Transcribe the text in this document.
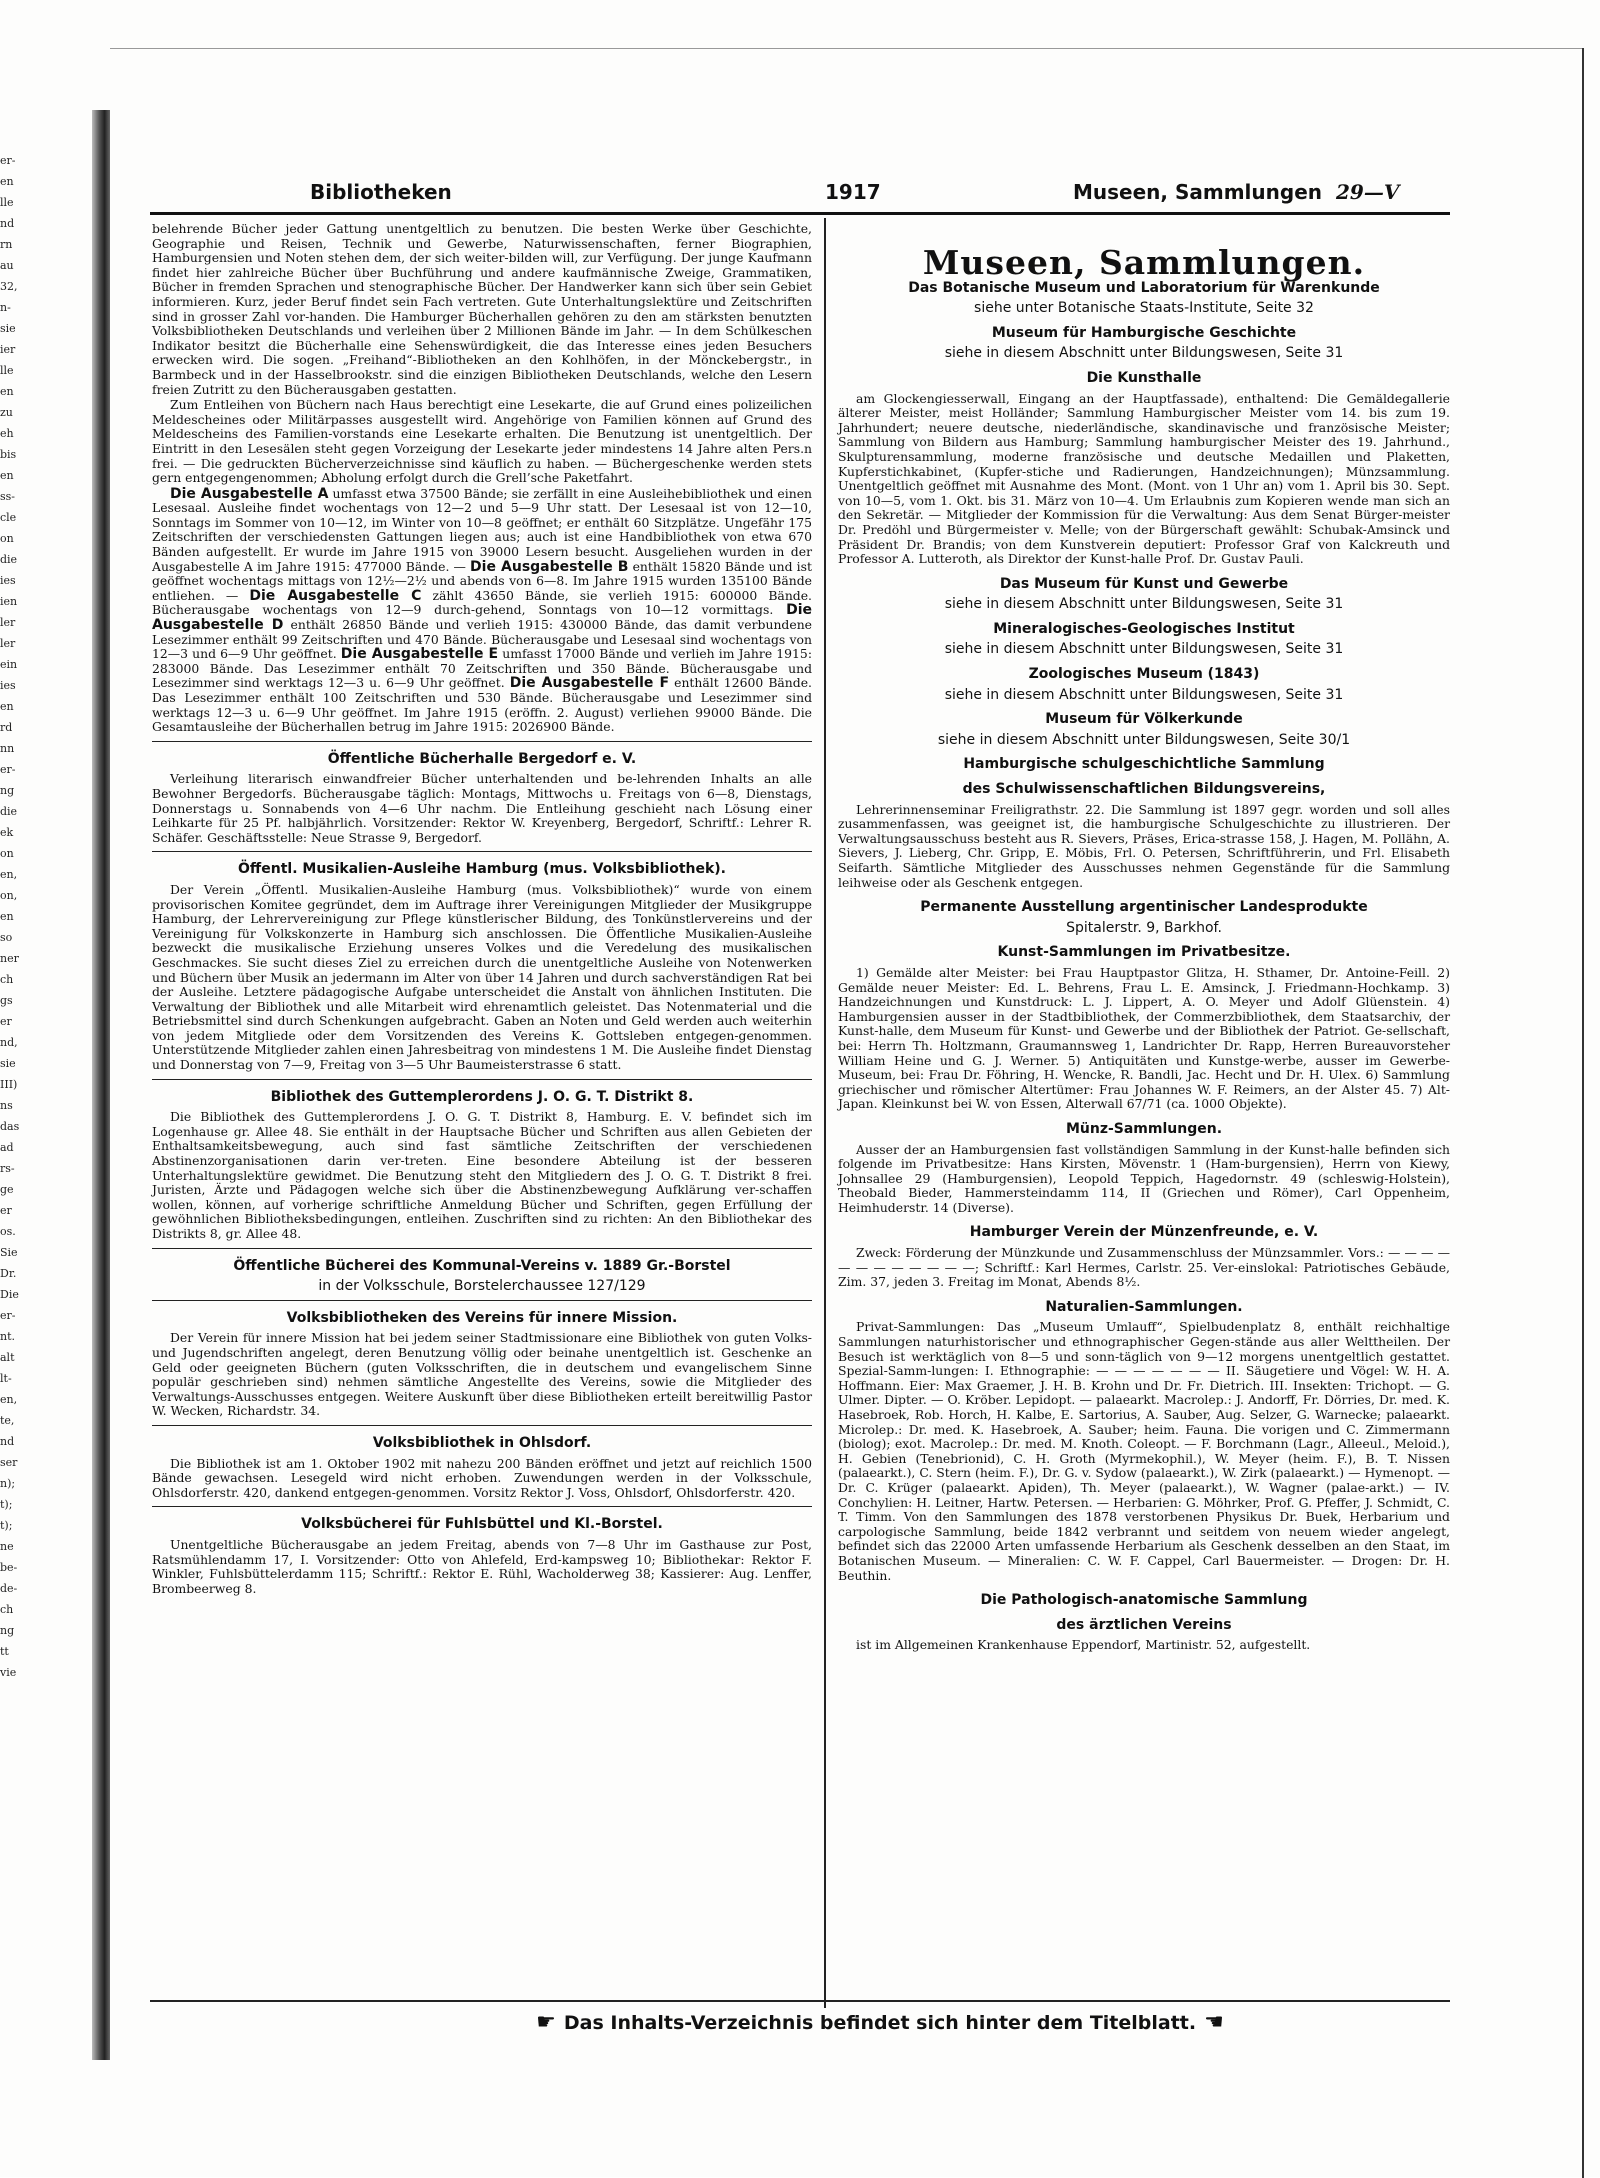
er-
en
lle
nd
rn
au
32,
n-
sie
ier
lle
en
zu
eh
bis
en
ss-
cle
on
die
ies
ien
ler
ler
ein
ies
en
rd
nn
er-
ng
die
ek
on
en,
on,
en
so
ner
ch
gs
er
nd,
sie
III)
ns
das
ad
rs-
ge
er
os.
Sie
Dr.
Die
er-
nt.
alt
lt-
en,
te,
nd
ser
n);
t);
t);
ne
be-
de-
ch
ng
tt
vie
Bibliotheken	1917	Museen, Sammlungen 29—V

belehrende Bücher jeder Gattung unentgeltlich zu benutzen. Die besten Werke über Geschichte, Geographie und Reisen, Technik und Gewerbe, Naturwissenschaften, ferner Biographien, Hamburgensien und Noten stehen dem, der sich weiter-bilden will, zur Verfügung. Der junge Kaufmann findet hier zahlreiche Bücher über Buchführung und andere kaufmännische Zweige, Grammatiken, Bücher in fremden Sprachen und stenographische Bücher. Der Handwerker kann sich über sein Gebiet informieren. Kurz, jeder Beruf findet sein Fach vertreten. Gute Unterhaltungslektüre und Zeitschriften sind in grosser Zahl vor-handen. Die Hamburger Bücherhallen gehören zu den am stärksten benutzten Volksbibliotheken Deutschlands und verleihen über 2 Millionen Bände im Jahr. — In dem Schülkeschen Indikator besitzt die Bücherhalle eine Sehenswürdigkeit, die das Interesse eines jeden Besuchers erwecken wird. Die sogen. „Freihand“-Bibliotheken an den Kohlhöfen, in der Mönckebergstr., in Barmbeck und in der Hasselbrookstr. sind die einzigen Bibliotheken Deutschlands, welche den Lesern freien Zutritt zu den Bücherausgaben gestatten.

Zum Entleihen von Büchern nach Haus berechtigt eine Lesekarte, die auf Grund eines polizeilichen Meldescheines oder Militärpasses ausgestellt wird. Angehörige von Familien können auf Grund des Meldescheins des Familien-vorstands eine Lesekarte erhalten. Die Benutzung ist unentgeltlich. Der Eintritt in den Lesesälen steht gegen Vorzeigung der Lesekarte jeder mindestens 14 Jahre alten Pers.n frei. — Die gedruckten Bücherverzeichnisse sind käuflich zu haben. — Büchergeschenke werden stets gern entgegengenommen; Abholung erfolgt durch die Grell’sche Paketfahrt.

Die Ausgabestelle A umfasst etwa 37500 Bände; sie zerfällt in eine Ausleihebibliothek und einen Lesesaal. Ausleihe findet wochentags von 12—2 und 5—9 Uhr statt. Der Lesesaal ist von 12—10, Sonntags im Sommer von 10—12, im Winter von 10—8 geöffnet; er enthält 60 Sitzplätze. Ungefähr 175 Zeitschriften der verschiedensten Gattungen liegen aus; auch ist eine Handbibliothek von etwa 670 Bänden aufgestellt. Er wurde im Jahre 1915 von 39000 Lesern besucht. Ausgeliehen wurden in der Ausgabestelle A im Jahre 1915: 477000 Bände. — Die Ausgabestelle B enthält 15820 Bände und ist geöffnet wochentags mittags von 12½—2½ und abends von 6—8. Im Jahre 1915 wurden 135100 Bände entliehen. — Die Ausgabestelle C zählt 43650 Bände, sie verlieh 1915: 600000 Bände. Bücherausgabe wochentags von 12—9 durch-gehend, Sonntags von 10—12 vormittags. Die Ausgabestelle D enthält 26850 Bände und verlieh 1915: 430000 Bände, das damit verbundene Lesezimmer enthält 99 Zeitschriften und 470 Bände. Bücherausgabe und Lesesaal sind wochentags von 12—3 und 6—9 Uhr geöffnet. Die Ausgabestelle E umfasst 17000 Bände und verlieh im Jahre 1915: 283000 Bände. Das Lesezimmer enthält 70 Zeitschriften und 350 Bände. Bücherausgabe und Lesezimmer sind werktags 12—3 u. 6—9 Uhr geöffnet. Die Ausgabestelle F enthält 12600 Bände. Das Lesezimmer enthält 100 Zeitschriften und 530 Bände. Bücherausgabe und Lesezimmer sind werktags 12—3 u. 6—9 Uhr geöffnet. Im Jahre 1915 (eröffn. 2. August) verliehen 99000 Bände. Die Gesamtausleihe der Bücherhallen betrug im Jahre 1915: 2026900 Bände.

Öffentliche Bücherhalle Bergedorf e. V.

Verleihung literarisch einwandfreier Bücher unterhaltenden und be-lehrenden Inhalts an alle Bewohner Bergedorfs. Bücherausgabe täglich: Montags, Mittwochs u. Freitags von 6—8, Dienstags, Donnerstags u. Sonnabends von 4—6 Uhr nachm. Die Entleihung geschieht nach Lösung einer Leihkarte für 25 Pf. halbjährlich. Vorsitzender: Rektor W. Kreyenberg, Bergedorf, Schriftf.: Lehrer R. Schäfer. Geschäftsstelle: Neue Strasse 9, Bergedorf.

Öffentl. Musikalien-Ausleihe Hamburg (mus. Volksbibliothek).

Der Verein „Öffentl. Musikalien-Ausleihe Hamburg (mus. Volksbibliothek)“ wurde von einem provisorischen Komitee gegründet, dem im Auftrage ihrer Vereinigungen Mitglieder der Musikgruppe Hamburg, der Lehrervereinigung zur Pflege künstlerischer Bildung, des Tonkünstlervereins und der Vereinigung für Volkskonzerte in Hamburg sich anschlossen. Die Öffentliche Musikalien-Ausleihe bezweckt die musikalische Erziehung unseres Volkes und die Veredelung des musikalischen Geschmackes. Sie sucht dieses Ziel zu erreichen durch die unentgeltliche Ausleihe von Notenwerken und Büchern über Musik an jedermann im Alter von über 14 Jahren und durch sachverständigen Rat bei der Ausleihe. Letztere pädagogische Aufgabe unterscheidet die Anstalt von ähnlichen Instituten. Die Verwaltung der Bibliothek und alle Mitarbeit wird ehrenamtlich geleistet. Das Notenmaterial und die Betriebsmittel sind durch Schenkungen aufgebracht. Gaben an Noten und Geld werden auch weiterhin von jedem Mitgliede oder dem Vorsitzenden des Vereins K. Gottsleben entgegen-genommen. Unterstützende Mitglieder zahlen einen Jahresbeitrag von mindestens 1 M. Die Ausleihe findet Dienstag und Donnerstag von 7—9, Freitag von 3—5 Uhr Baumeisterstrasse 6 statt.

Bibliothek des Guttemplerordens J. O. G. T. Distrikt 8.

Die Bibliothek des Guttemplerordens J. O. G. T. Distrikt 8, Hamburg. E. V. befindet sich im Logenhause gr. Allee 48. Sie enthält in der Hauptsache Bücher und Schriften aus allen Gebieten der Enthaltsamkeitsbewegung, auch sind fast sämtliche Zeitschriften der verschiedenen Abstinenzorganisationen darin ver-treten. Eine besondere Abteilung ist der besseren Unterhaltungslektüre gewidmet. Die Benutzung steht den Mitgliedern des J. O. G. T. Distrikt 8 frei. Juristen, Ärzte und Pädagogen welche sich über die Abstinenzbewegung Aufklärung ver-schaffen wollen, können, auf vorherige schriftliche Anmeldung Bücher und Schriften, gegen Erfüllung der gewöhnlichen Bibliotheksbedingungen, entleihen. Zuschriften sind zu richten: An den Bibliothekar des Distrikts 8, gr. Allee 48.

Öffentliche Bücherei des Kommunal-Vereins v. 1889 Gr.-Borstel
in der Volksschule, Borstelerchaussee 127/129
Volksbibliotheken des Vereins für innere Mission.

Der Verein für innere Mission hat bei jedem seiner Stadtmissionare eine Bibliothek von guten Volks- und Jugendschriften angelegt, deren Benutzung völlig oder beinahe unentgeltlich ist. Geschenke an Geld oder geeigneten Büchern (guten Volksschriften, die in deutschem und evangelischem Sinne populär geschrieben sind) nehmen sämtliche Angestellte des Vereins, sowie die Mitglieder des Verwaltungs-Ausschusses entgegen. Weitere Auskunft über diese Bibliotheken erteilt bereitwillig Pastor W. Wecken, Richardstr. 34.

Volksbibliothek in Ohlsdorf.

Die Bibliothek ist am 1. Oktober 1902 mit nahezu 200 Bänden eröffnet und jetzt auf reichlich 1500 Bände gewachsen. Lesegeld wird nicht erhoben. Zuwendungen werden in der Volksschule, Ohlsdorferstr. 420, dankend entgegen-genommen. Vorsitz Rektor J. Voss, Ohlsdorf, Ohlsdorferstr. 420.

Volksbücherei für Fuhlsbüttel und Kl.-Borstel.

Unentgeltliche Bücherausgabe an jedem Freitag, abends von 7—8 Uhr im Gasthause zur Post, Ratsmühlendamm 17, I. Vorsitzender: Otto von Ahlefeld, Erd-kampsweg 10; Bibliothekar: Rektor F. Winkler, Fuhlsbüttelerdamm 115; Schriftf.: Rektor E. Rühl, Wacholderweg 38; Kassierer: Aug. Lenffer, Brombeerweg 8.

Museen, Sammlungen.
Das Botanische Museum und Laboratorium für Warenkunde
siehe unter Botanische Staats-Institute, Seite 32
Museum für Hamburgische Geschichte
siehe in diesem Abschnitt unter Bildungswesen, Seite 31
Die Kunsthalle

am Glockengiesserwall, Eingang an der Hauptfassade), enthaltend: Die Gemäldegallerie älterer Meister, meist Holländer; Sammlung Hamburgischer Meister vom 14. bis zum 19. Jahrhundert; neuere deutsche, niederländische, skandinavische und französische Meister; Sammlung von Bildern aus Hamburg; Sammlung hamburgischer Meister des 19. Jahrhund., Skulpturensammlung, moderne französische und deutsche Medaillen und Plaketten, Kupferstichkabinet, (Kupfer-stiche und Radierungen, Handzeichnungen); Münzsammlung. Unentgeltlich geöffnet mit Ausnahme des Mont. (Mont. von 1 Uhr an) vom 1. April bis 30. Sept. von 10—5, vom 1. Okt. bis 31. März von 10—4. Um Erlaubnis zum Kopieren wende man sich an den Sekretär. — Mitglieder der Kommission für die Verwaltung: Aus dem Senat Bürger-meister Dr. Predöhl und Bürgermeister v. Melle; von der Bürgerschaft gewählt: Schubak-Amsinck und Präsident Dr. Brandis; von dem Kunstverein deputiert: Professor Graf von Kalckreuth und Professor A. Lutteroth, als Direktor der Kunst-halle Prof. Dr. Gustav Pauli.

Das Museum für Kunst und Gewerbe
siehe in diesem Abschnitt unter Bildungswesen, Seite 31
Mineralogisches-Geologisches Institut
siehe in diesem Abschnitt unter Bildungswesen, Seite 31
Zoologisches Museum (1843)
siehe in diesem Abschnitt unter Bildungswesen, Seite 31
Museum für Völkerkunde
siehe in diesem Abschnitt unter Bildungswesen, Seite 30/1
Hamburgische schulgeschichtliche Sammlung
des Schulwissenschaftlichen Bildungsvereins,

Lehrerinnenseminar Freiligrathstr. 22. Die Sammlung ist 1897 gegr. worden und soll alles zusammenfassen, was geeignet ist, die hamburgische Schulgeschichte zu illustrieren. Der Verwaltungsausschuss besteht aus R. Sievers, Präses, Erica-strasse 158, J. Hagen, M. Pollähn, A. Sievers, J. Lieberg, Chr. Gripp, E. Möbis, Frl. O. Petersen, Schriftführerin, und Frl. Elisabeth Seifarth. Sämtliche Mitglieder des Ausschusses nehmen Gegenstände für die Sammlung leihweise oder als Geschenk entgegen.

Permanente Ausstellung argentinischer Landesprodukte
Spitalerstr. 9, Barkhof.
Kunst-Sammlungen im Privatbesitze.

1) Gemälde alter Meister: bei Frau Hauptpastor Glitza, H. Sthamer, Dr. Antoine-Feill. 2) Gemälde neuer Meister: Ed. L. Behrens, Frau L. E. Amsinck, J. Friedmann-Hochkamp. 3) Handzeichnungen und Kunstdruck: L. J. Lippert, A. O. Meyer und Adolf Glüenstein. 4) Hamburgensien ausser in der Stadtbibliothek, der Commerzbibliothek, dem Staatsarchiv, der Kunst-halle, dem Museum für Kunst- und Gewerbe und der Bibliothek der Patriot. Ge-sellschaft, bei: Herrn Th. Holtzmann, Graumannsweg 1, Landrichter Dr. Rapp, Herren Bureauvorsteher William Heine und G. J. Werner. 5) Antiquitäten und Kunstge-werbe, ausser im Gewerbe-Museum, bei: Frau Dr. Föhring, H. Wencke, R. Bandli, Jac. Hecht und Dr. H. Ulex. 6) Sammlung griechischer und römischer Altertümer: Frau Johannes W. F. Reimers, an der Alster 45. 7) Alt-Japan. Kleinkunst bei W. von Essen, Alterwall 67/71 (ca. 1000 Objekte).

Münz-Sammlungen.

Ausser der an Hamburgensien fast vollständigen Sammlung in der Kunst-halle befinden sich folgende im Privatbesitze: Hans Kirsten, Mövenstr. 1 (Ham-burgensien), Herrn von Kiewy, Johnsallee 29 (Hamburgensien), Leopold Teppich, Hagedornstr. 49 (schleswig-Holstein), Theobald Bieder, Hammersteindamm 114, II (Griechen und Römer), Carl Oppenheim, Heimhuderstr. 14 (Diverse).

Hamburger Verein der Münzenfreunde, e. V.

Zweck: Förderung der Münzkunde und Zusammenschluss der Münzsammler. Vors.: — — — — — — — — — — — —; Schriftf.: Karl Hermes, Carlstr. 25. Ver-einslokal: Patriotisches Gebäude, Zim. 37, jeden 3. Freitag im Monat, Abends 8½.

Naturalien-Sammlungen.

Privat-Sammlungen: Das „Museum Umlauff“, Spielbudenplatz 8, enthält reichhaltige Sammlungen naturhistorischer und ethnographischer Gegen-stände aus aller Welttheilen. Der Besuch ist werktäglich von 8—5 und sonn-täglich von 9—12 morgens unentgeltlich gestattet. Spezial-Samm-lungen: I. Ethnographie: — — — — — — — II. Säugetiere und Vögel: W. H. A. Hoffmann. Eier: Max Graemer, J. H. B. Krohn und Dr. Fr. Dietrich. III. Insekten: Trichopt. — G. Ulmer. Dipter. — O. Kröber. Lepidopt. — palaearkt. Macrolep.: J. Andorff, Fr. Dörries, Dr. med. K. Hasebroek, Rob. Horch, H. Kalbe, E. Sartorius, A. Sauber, Aug. Selzer, G. Warnecke; palaearkt. Microlep.: Dr. med. K. Hasebroek, A. Sauber; heim. Fauna. Die vorigen und C. Zimmermann (biolog); exot. Macrolep.: Dr. med. M. Knoth. Coleopt. — F. Borchmann (Lagr., Alleeul., Meloid.), H. Gebien (Tenebrionid), C. H. Groth (Myrmekophil.), W. Meyer (heim. F.), B. T. Nissen (palaearkt.), C. Stern (heim. F.), Dr. G. v. Sydow (palaearkt.), W. Zirk (palaearkt.) — Hymenopt. — Dr. C. Krüger (palaearkt. Apiden), Th. Meyer (palaearkt.), W. Wagner (palae-arkt.) — IV. Conchylien: H. Leitner, Hartw. Petersen. — Herbarien: G. Möhrker, Prof. G. Pfeffer, J. Schmidt, C. T. Timm. Von den Sammlungen des 1878 verstorbenen Physikus Dr. Buek, Herbarium und carpologische Sammlung, beide 1842 verbrannt und seitdem von neuem wieder angelegt, befindet sich das 22000 Arten umfassende Herbarium als Geschenk desselben an den Staat, im Botanischen Museum. — Mineralien: C. W. F. Cappel, Carl Bauermeister. — Drogen: Dr. H. Beuthin.

Die Pathologisch-anatomische Sammlung
des ärztlichen Vereins

ist im Allgemeinen Krankenhause Eppendorf, Martinistr. 52, aufgestellt.

☛ Das Inhalts-Verzeichnis befindet sich hinter dem Titelblatt. ☚
